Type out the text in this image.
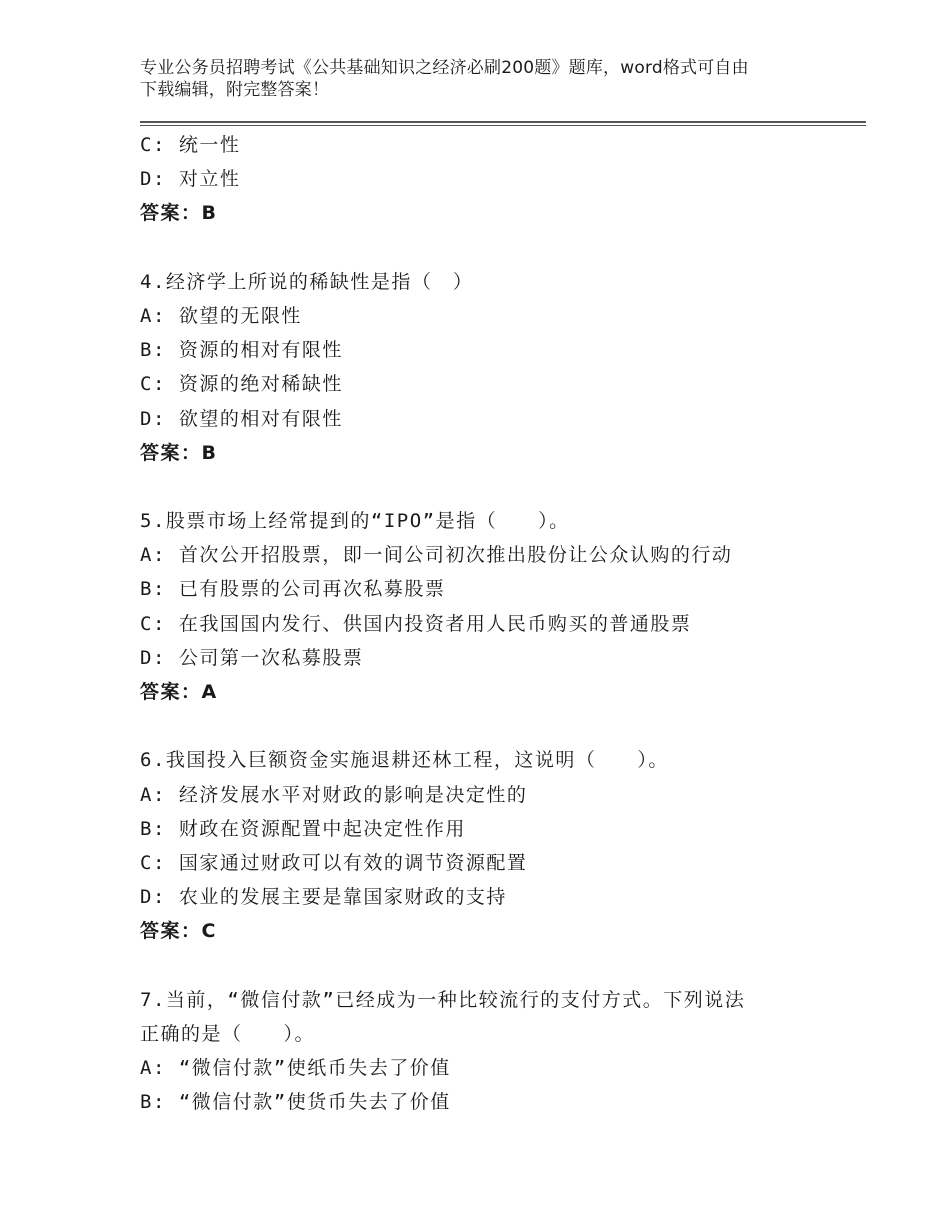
专业公务员招聘考试《公共基础知识之经济必刷200题》题库，word格式可自由
下载编辑，附完整答案！
C: 统一性
D: 对立性
答案：B
4.经济学上所说的稀缺性是指（　）
A: 欲望的无限性
B: 资源的相对有限性
C: 资源的绝对稀缺性
D: 欲望的相对有限性
答案：B
5.股票市场上经常提到的“IPO”是指（　　）。
A: 首次公开招股票，即一间公司初次推出股份让公众认购的行动
B: 已有股票的公司再次私募股票
C: 在我国国内发行、供国内投资者用人民币购买的普通股票
D: 公司第一次私募股票
答案：A
6.我国投入巨额资金实施退耕还林工程，这说明（　　）。
A: 经济发展水平对财政的影响是决定性的
B: 财政在资源配置中起决定性作用
C: 国家通过财政可以有效的调节资源配置
D: 农业的发展主要是靠国家财政的支持
答案：C
7.当前，“微信付款”已经成为一种比较流行的支付方式。下列说法
正确的是（　　）。
A: “微信付款”使纸币失去了价值
B: “微信付款”使货币失去了价值
